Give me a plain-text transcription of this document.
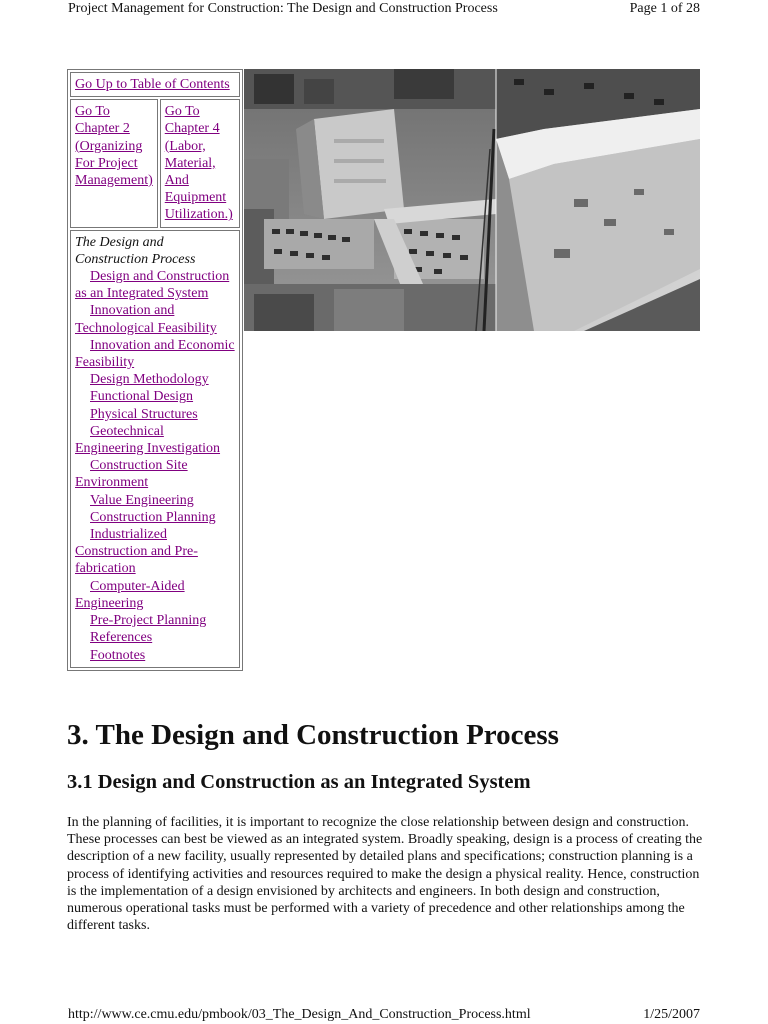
Project Management for Construction: The Design and Construction Process	Page 1 of 28
Go Up to Table of Contents
Go To Chapter 2 (Organizing For Project Management)
Go To Chapter 4 (Labor, Material, And Equipment Utilization.)
The Design and Construction Process
Design and Construction as an Integrated System
Innovation and Technological Feasibility
Innovation and Economic Feasibility
Design Methodology
Functional Design
Physical Structures
Geotechnical Engineering Investigation
Construction Site Environment
Value Engineering
Construction Planning
Industrialized Construction and Pre-fabrication
Computer-Aided Engineering
Pre-Project Planning
References
Footnotes
3. The Design and Construction Process
3.1 Design and Construction as an Integrated System

In the planning of facilities, it is important to recognize the close relationship between design and construction. These processes can best be viewed as an integrated system. Broadly speaking, design is a process of creating the description of a new facility, usually represented by detailed plans and specifications; construction planning is a process of identifying activities and resources required to make the design a physical reality. Hence, construction is the implementation of a design envisioned by architects and engineers. In both design and construction, numerous operational tasks must be performed with a variety of precedence and other relationships among the different tasks.

http://www.ce.cmu.edu/pmbook/03_The_Design_And_Construction_Process.html	1/25/2007
